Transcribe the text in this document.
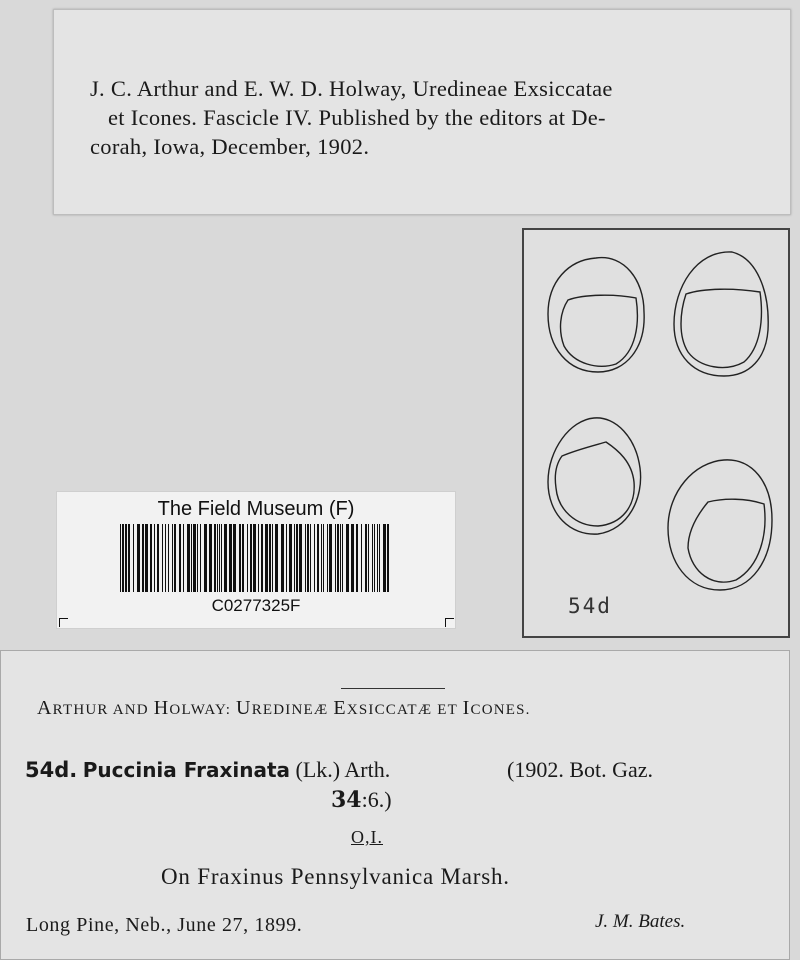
J. C. Arthur and E. W. D. Holway, Uredineae Exsiccatae
et Icones. Fascicle IV. Published by the editors at De-
corah, Iowa, December, 1902.

54d
The Field Museum (F)
C0277325F

ARTHUR AND HOLWAY: UREDINEÆ EXSICCATÆ ET ICONES.

54d. Puccinia Fraxinata (Lk.) Arth.	(1902. Bot. Gaz.

34:6.)

O,I.

On Fraxinus Pennsylvanica Marsh.

Long Pine, Neb., June 27, 1899.	J. M. Bates.
